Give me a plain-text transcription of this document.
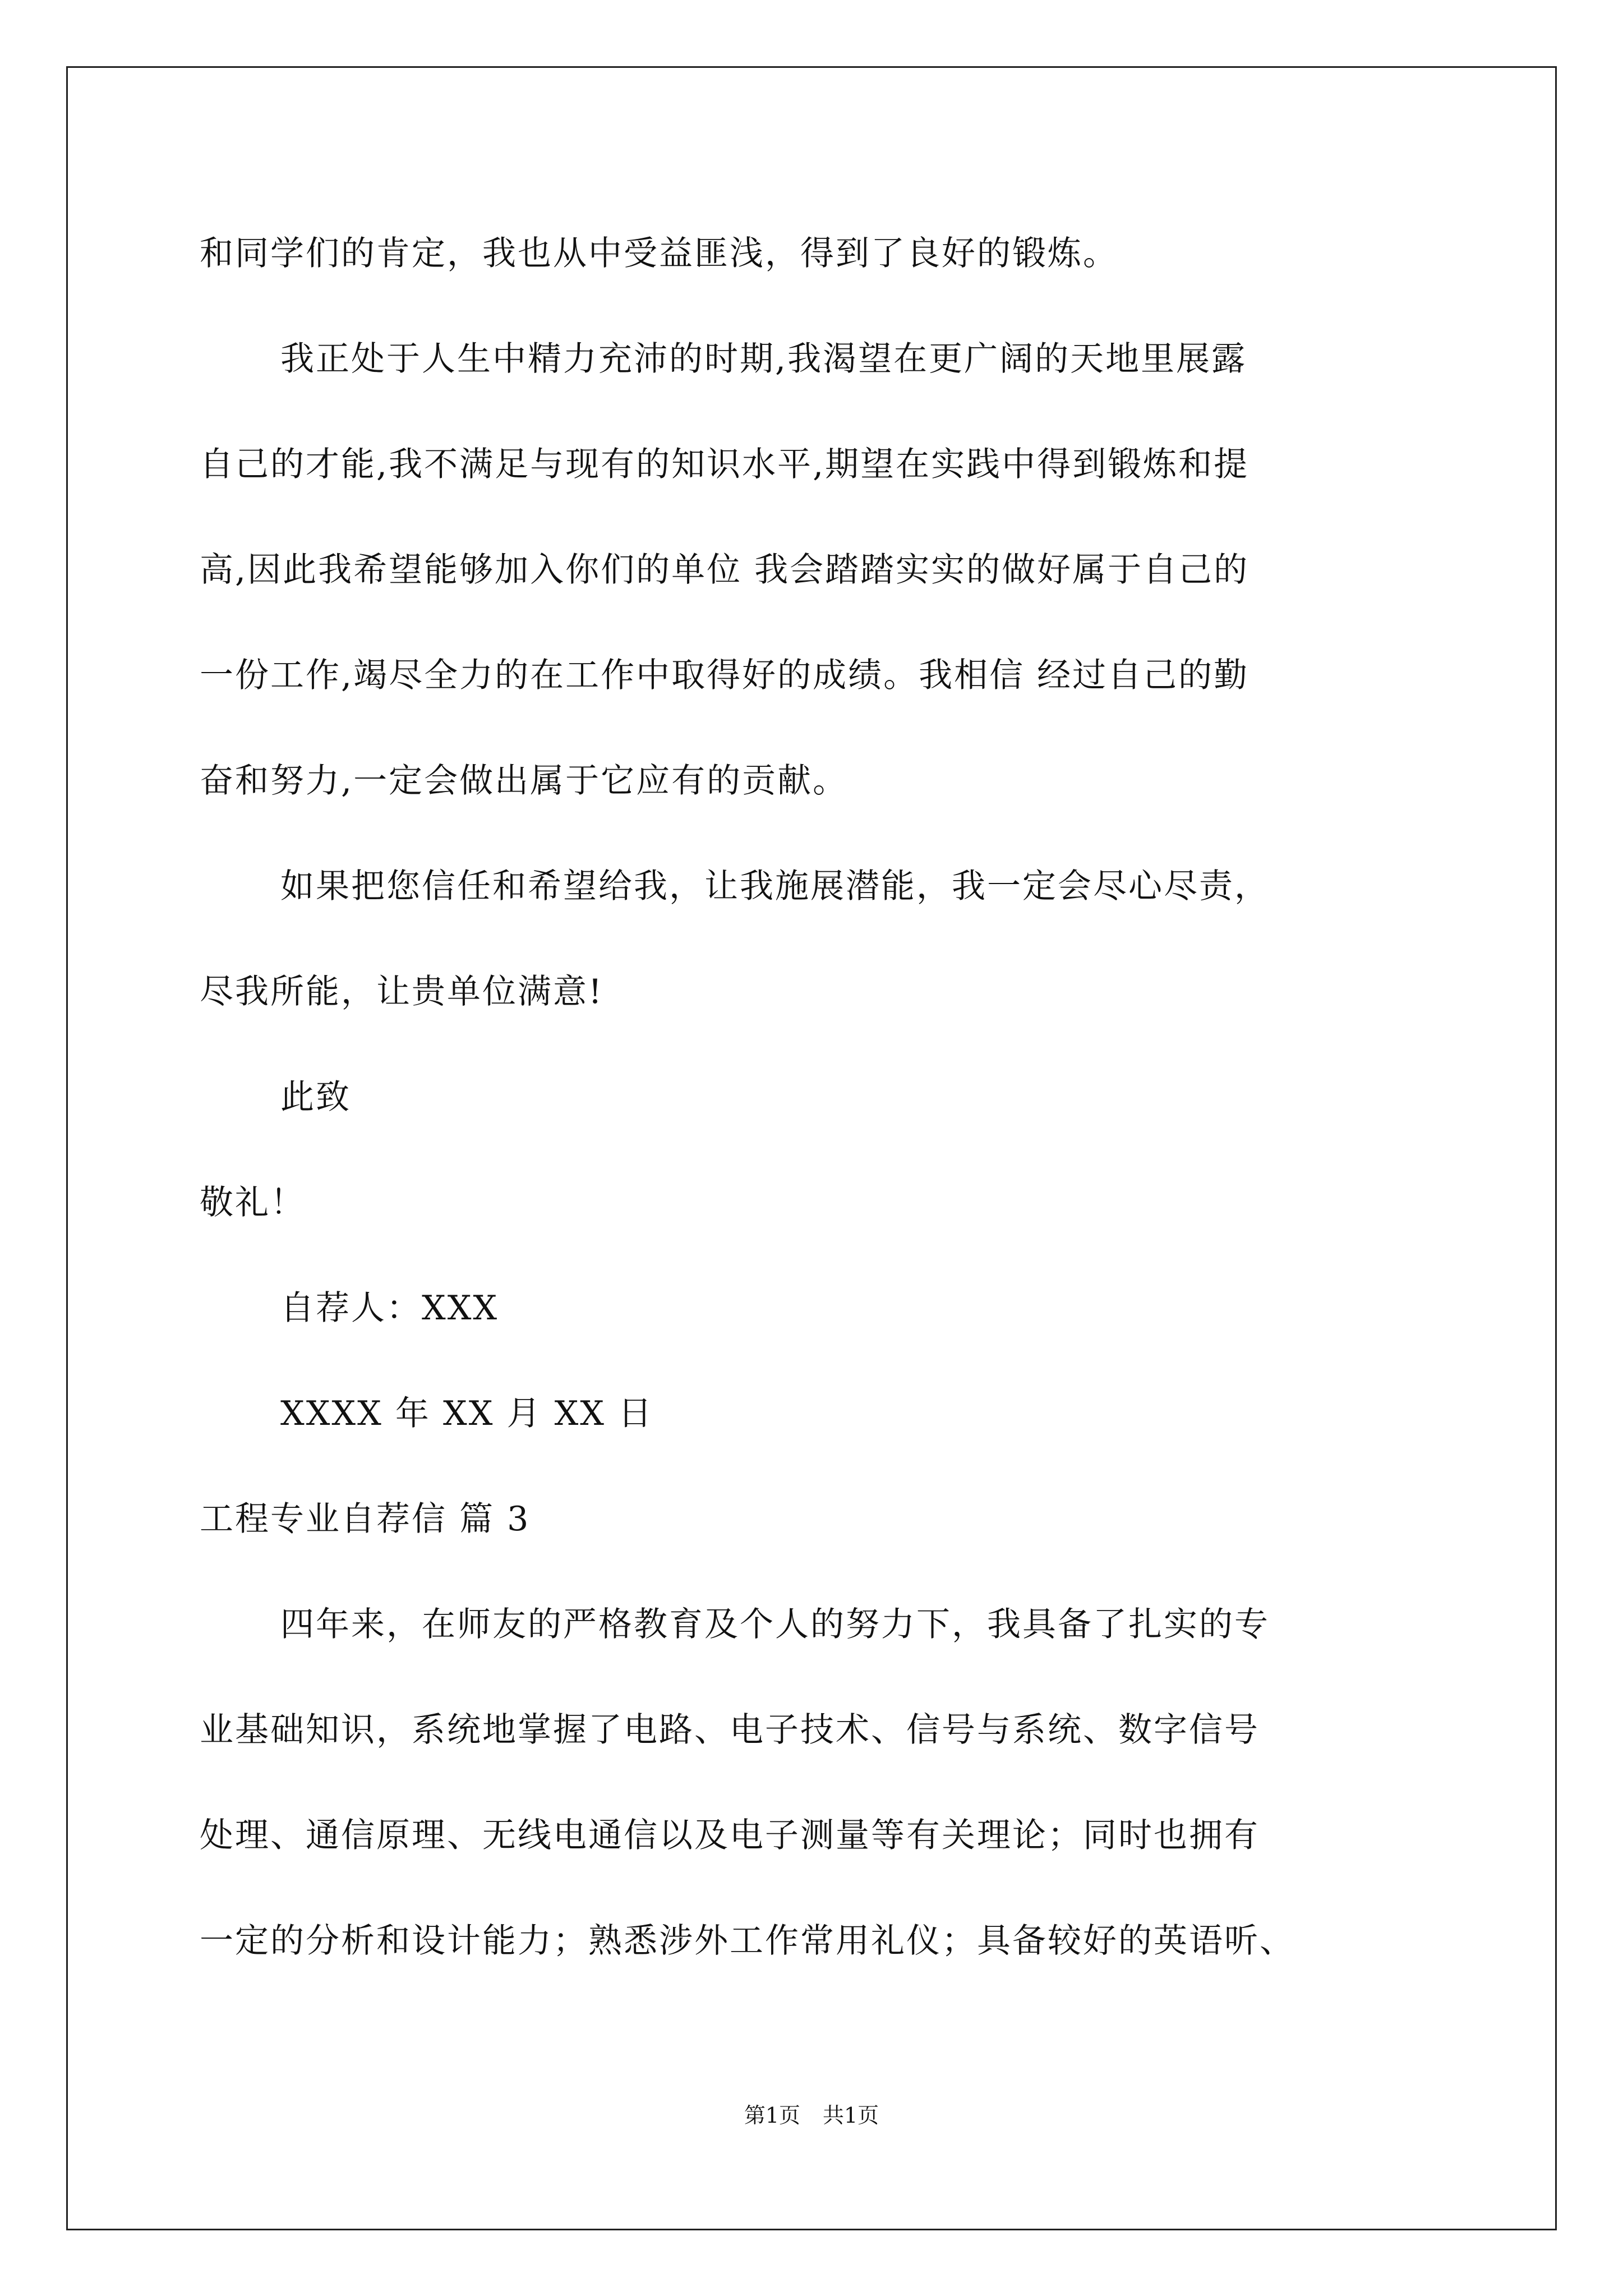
和同学们的肯定，我也从中受益匪浅，得到了良好的锻炼。
我正处于人生中精力充沛的时期,我渴望在更广阔的天地里展露
自己的才能,我不满足与现有的知识水平,期望在实践中得到锻炼和提
高,因此我希望能够加入你们的单位 我会踏踏实实的做好属于自己的
一份工作,竭尽全力的在工作中取得好的成绩。我相信 经过自己的勤
奋和努力,一定会做出属于它应有的贡献。
如果把您信任和希望给我，让我施展潜能，我一定会尽心尽责，
尽我所能，让贵单位满意!
此致
敬礼！
自荐人：XXX
XXXX 年 XX 月 XX 日
工程专业自荐信 篇 3
四年来，在师友的严格教育及个人的努力下，我具备了扎实的专
业基础知识，系统地掌握了电路、电子技术、信号与系统、数字信号
处理、通信原理、无线电通信以及电子测量等有关理论；同时也拥有
一定的分析和设计能力；熟悉涉外工作常用礼仪；具备较好的英语听、
第1页 共1页
